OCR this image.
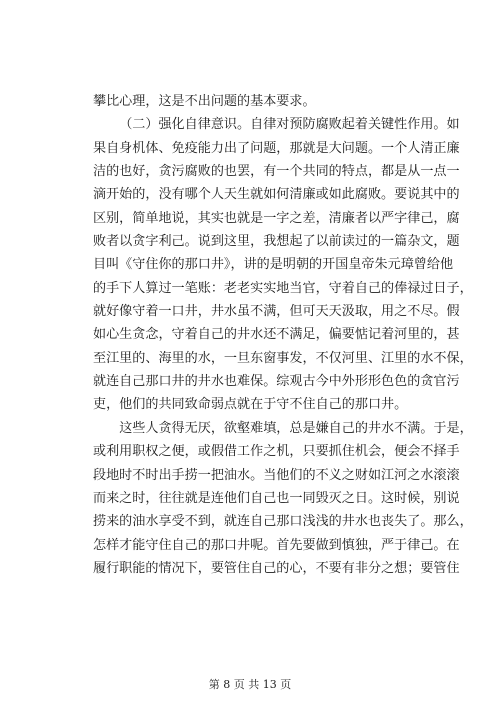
攀比心理，这是不出问题的基本要求。
（二）强化自律意识。自律对预防腐败起着关键性作用。如
果自身机体、免疫能力出了问题，那就是大问题。一个人清正廉
洁的也好，贪污腐败的也罢，有一个共同的特点，都是从一点一
滴开始的，没有哪个人天生就如何清廉或如此腐败。要说其中的
区别，简单地说，其实也就是一字之差，清廉者以严字律己，腐
败者以贪字利己。说到这里，我想起了以前读过的一篇杂文，题
目叫《守住你的那口井》，讲的是明朝的开国皇帝朱元璋曾给他
的手下人算过一笔账：老老实实地当官，守着自己的俸禄过日子，
就好像守着一口井，井水虽不满，但可天天汲取，用之不尽。假
如心生贪念，守着自己的井水还不满足，偏要惦记着河里的，甚
至江里的、海里的水，一旦东窗事发，不仅河里、江里的水不保，
就连自己那口井的井水也难保。综观古今中外形形色色的贪官污
吏，他们的共同致命弱点就在于守不住自己的那口井。
这些人贪得无厌，欲壑难填，总是嫌自己的井水不满。于是，
或利用职权之便，或假借工作之机，只要抓住机会，便会不择手
段地时不时出手捞一把油水。当他们的不义之财如江河之水滚滚
而来之时，往往就是连他们自己也一同毁灭之日。这时候，别说
捞来的油水享受不到，就连自己那口浅浅的井水也丧失了。那么，
怎样才能守住自己的那口井呢。首先要做到慎独，严于律己。在
履行职能的情况下，要管住自己的心，不要有非分之想；要管住
第 8 页 共 13 页
